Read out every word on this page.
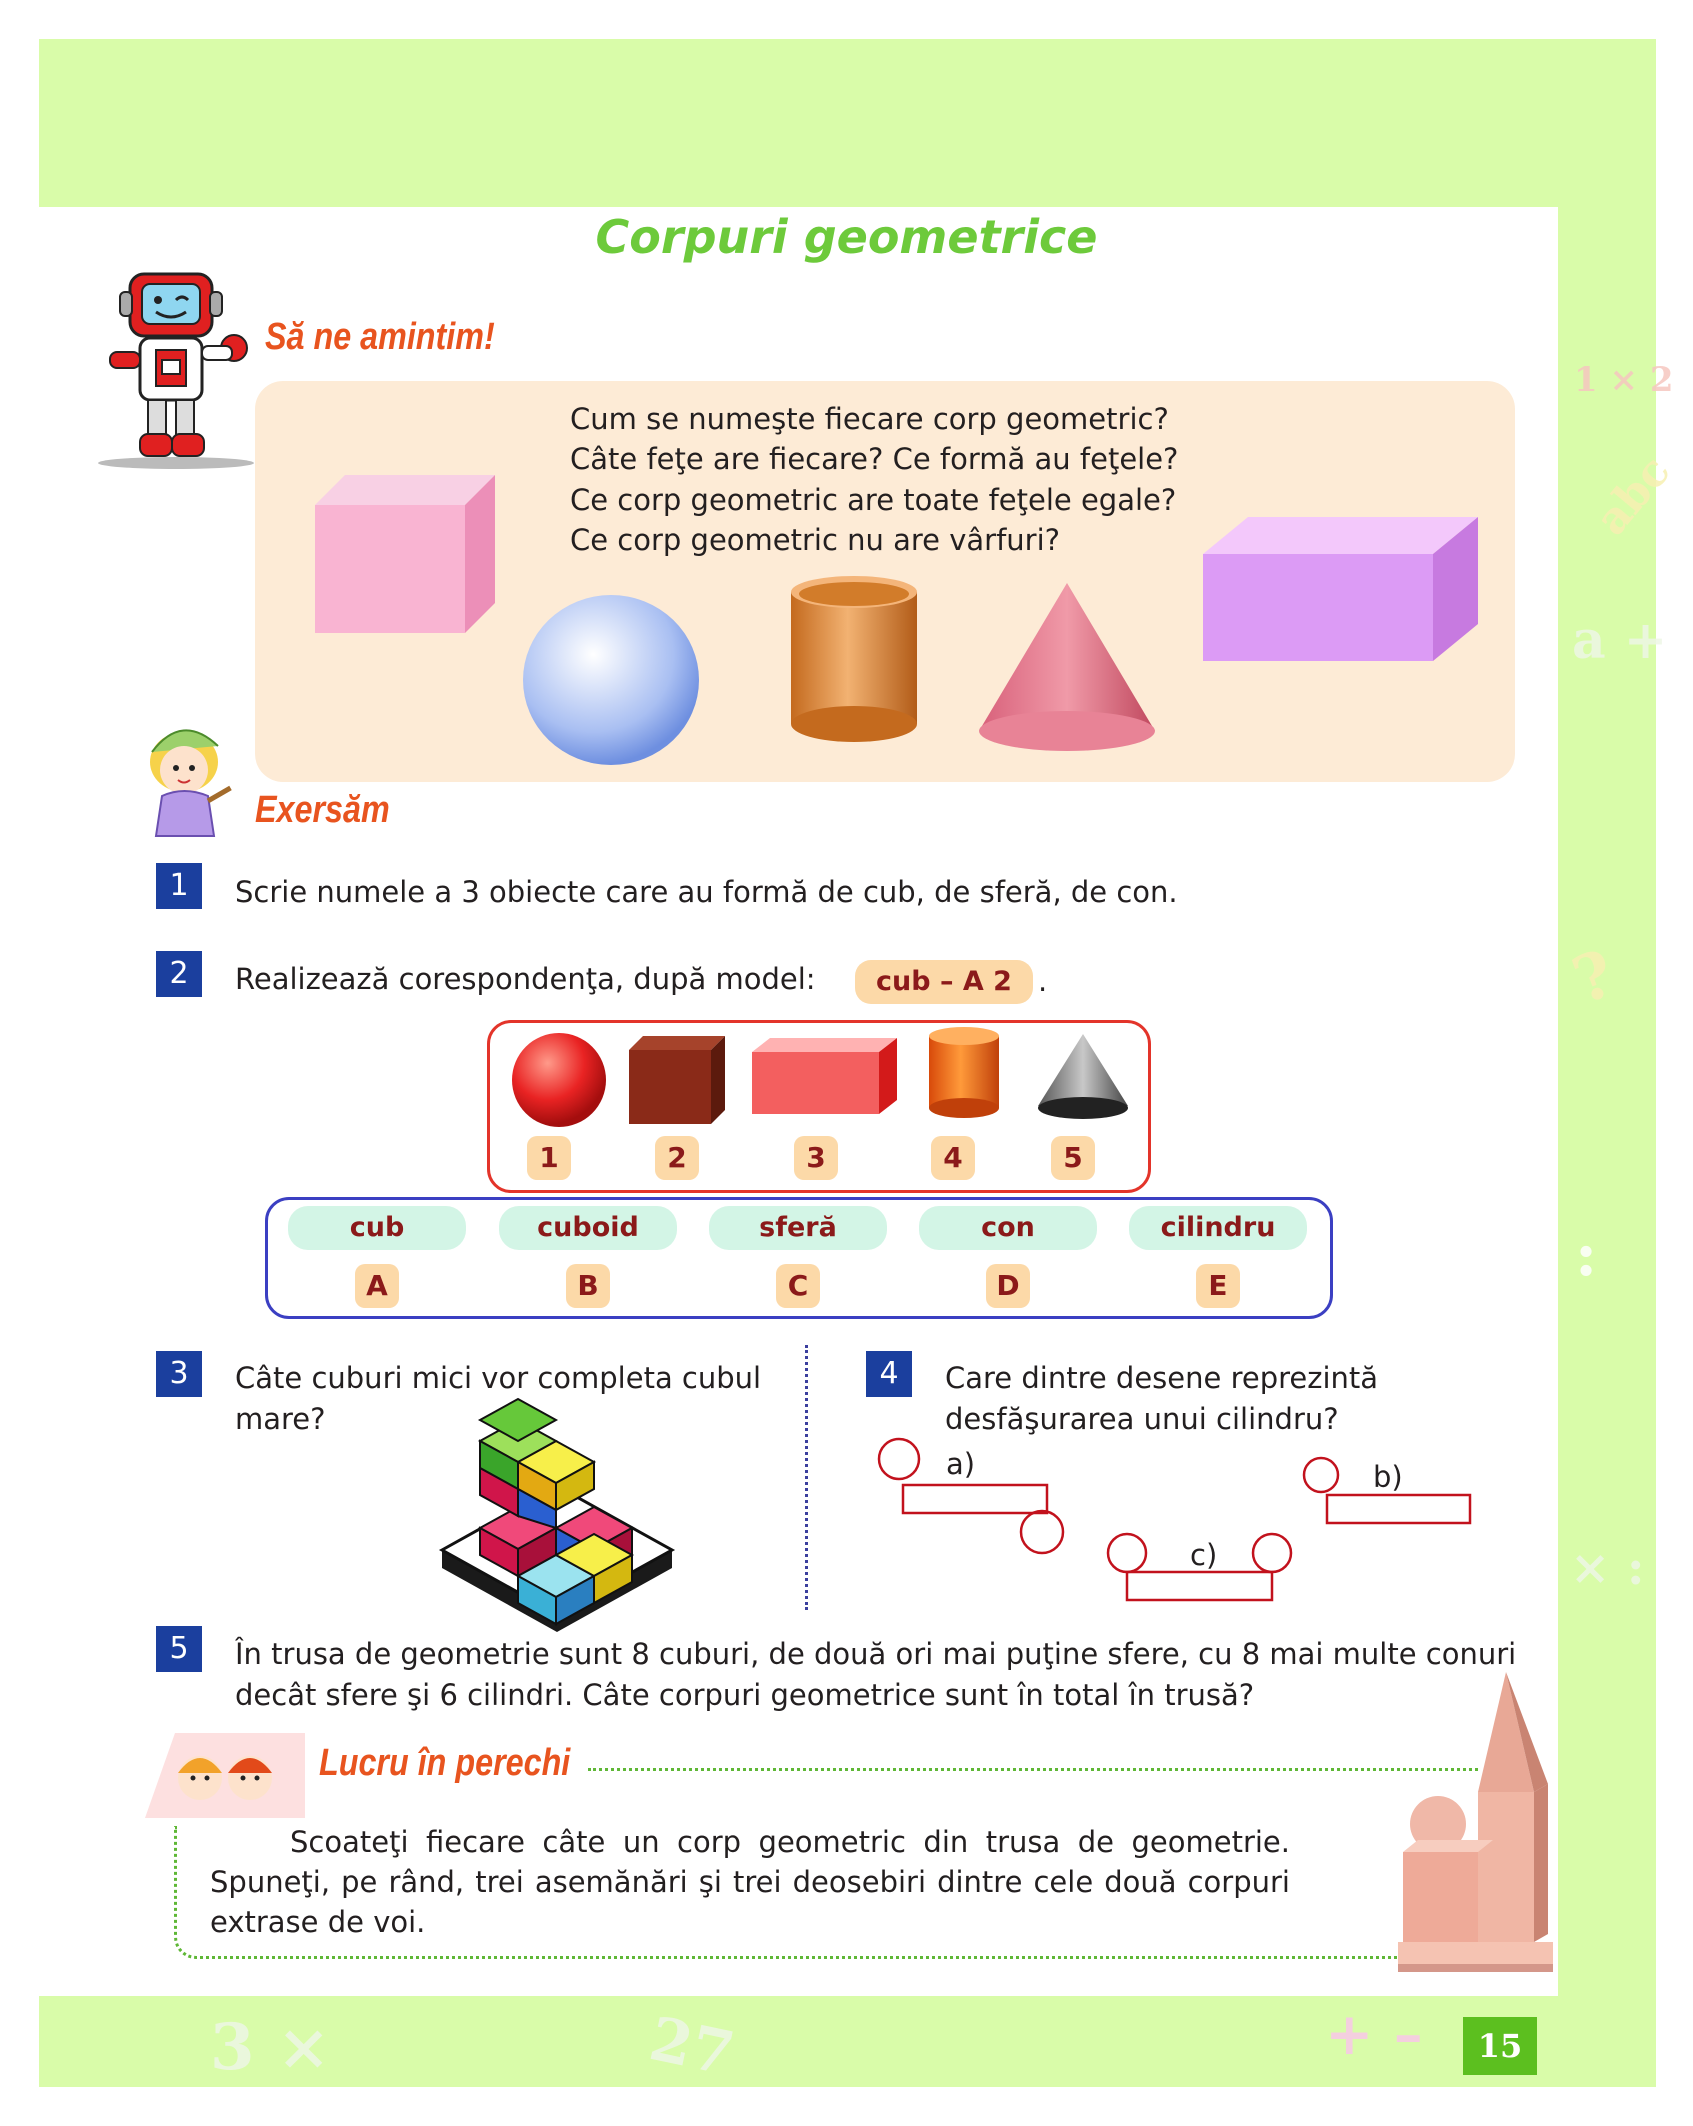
1 × 2
abc
a +
3 ×	27
:
?
+ –
× :
Corpuri geometrice
Să ne amintim!
Cum se numeşte fiecare corp geometric?
Câte feţe are fiecare? Ce formă au feţele?
Ce corp geometric are toate feţele egale?
Ce corp geometric nu are vârfuri?
Exersăm
1	Scrie numele a 3 obiecte care au formă de cub, de sferă, de con.
2	Realizează corespondenţa, după model:	cub – A 2 .
1	2	3	4	5
cub	cuboid	sferă	con	cilindru
A	B	C	D	E
3	Câte cuburi mici vor completa cubul
mare?
4	Care dintre desene reprezintă
desfăşurarea unui cilindru?
a)	b)
c)
5	În trusa de geometrie sunt 8 cuburi, de două ori mai puţine sfere, cu 8 mai multe conuri
decât sfere şi 6 cilindri. Câte corpuri geometrice sunt în total în trusă?
Lucru în perechi
Scoateţi fiecare câte un corp geometric din trusa de geometrie. Spuneţi, pe rând, trei asemănări şi trei deosebiri dintre cele două corpuri extrase de voi.
15
